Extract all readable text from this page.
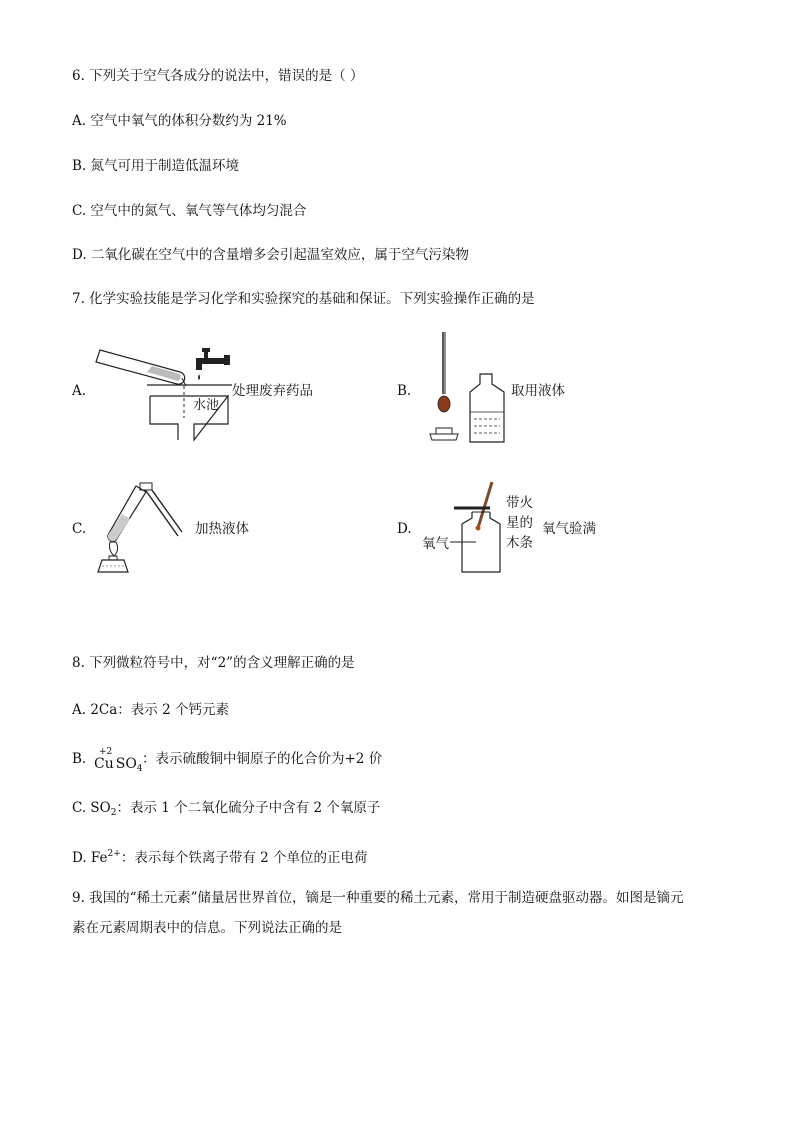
6. 下列关于空气各成分的说法中，错误的是（ ）
A. 空气中氧气的体积分数约为 21%
B. 氮气可用于制造低温环境
C. 空气中的氮气、氧气等气体均匀混合
D. 二氧化碳在空气中的含量增多会引起温室效应，属于空气污染物
7. 化学实验技能是学习化学和实验探究的基础和保证。下列实验操作正确的是
A.
水池
处理废弃药品	B.	取用液体
C.	加热液体	D.
氧气
带火
星的
木条
氧气验满
8. 下列微粒符号中，对“2”的含义理解正确的是
A. 2Ca：表示 2 个钙元素
B. +2
Cu $SO_4$
：表示硫酸铜中铜原子的化合价为+2 价
C. $SO_2$：表示 1 个二氧化硫分子中含有 2 个氧原子
D. $Fe^{2+}$：表示每个铁离子带有 2 个单位的正电荷
9. 我国的“稀土元素”储量居世界首位，镝是一种重要的稀土元素，常用于制造硬盘驱动器。如图是镝元
素在元素周期表中的信息。下列说法正确的是
